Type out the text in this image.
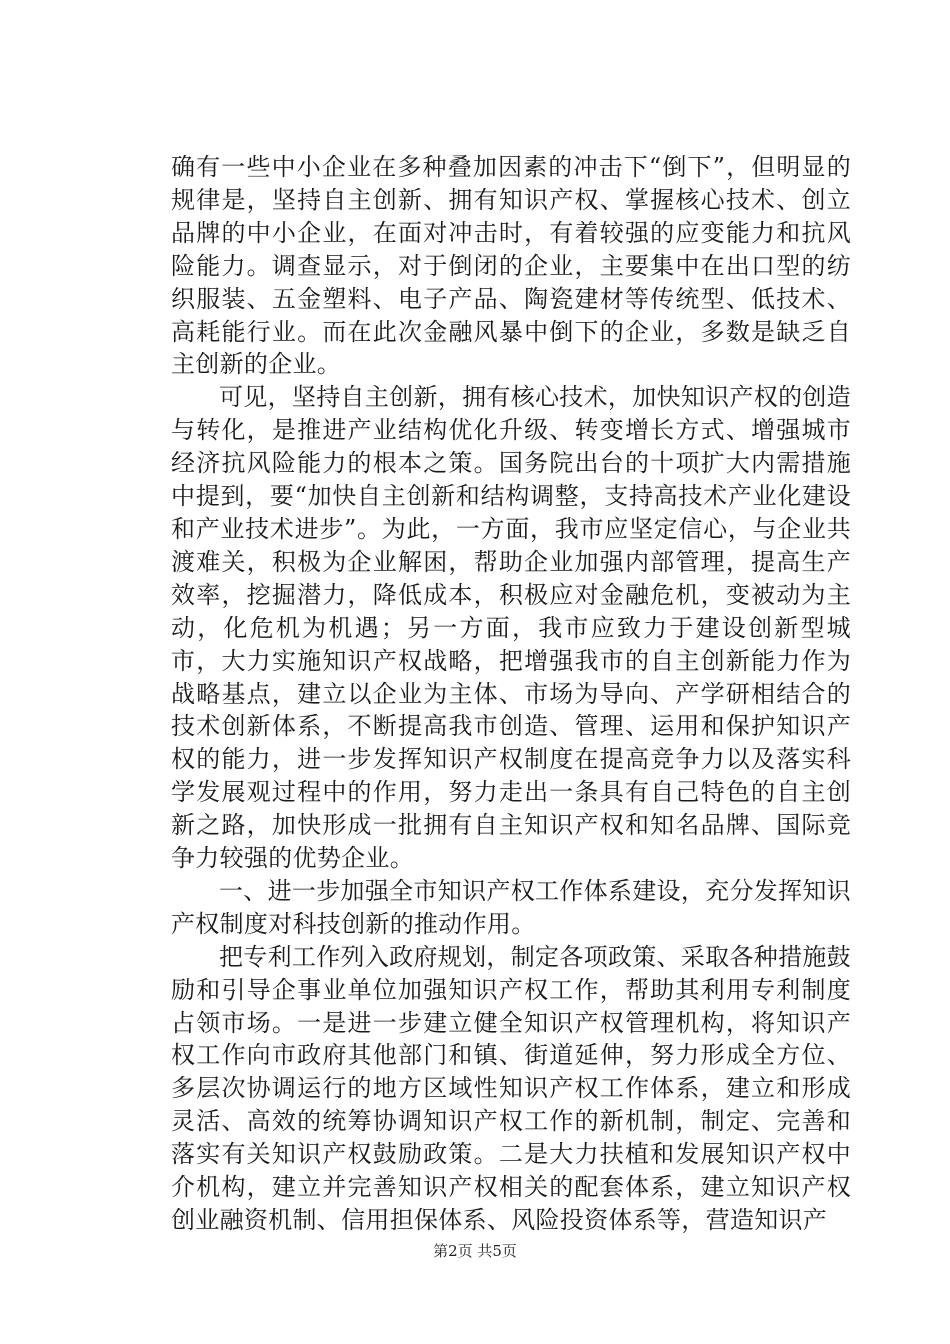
确有一些中小企业在多种叠加因素的冲击下“倒下”，但明显的规律是，坚持自主创新、拥有知识产权、掌握核心技术、创立品牌的中小企业，在面对冲击时，有着较强的应变能力和抗风险能力。调查显示，对于倒闭的企业，主要集中在出口型的纺织服装、五金塑料、电子产品、陶瓷建材等传统型、低技术、高耗能行业。而在此次金融风暴中倒下的企业，多数是缺乏自主创新的企业。

可见，坚持自主创新，拥有核心技术，加快知识产权的创造与转化，是推进产业结构优化升级、转变增长方式、增强城市经济抗风险能力的根本之策。国务院出台的十项扩大内需措施中提到，要“加快自主创新和结构调整，支持高技术产业化建设和产业技术进步”。为此，一方面，我市应坚定信心，与企业共渡难关，积极为企业解困，帮助企业加强内部管理，提高生产效率，挖掘潜力，降低成本，积极应对金融危机，变被动为主动，化危机为机遇；另一方面，我市应致力于建设创新型城市，大力实施知识产权战略，把增强我市的自主创新能力作为战略基点，建立以企业为主体、市场为导向、产学研相结合的技术创新体系，不断提高我市创造、管理、运用和保护知识产权的能力，进一步发挥知识产权制度在提高竞争力以及落实科学发展观过程中的作用，努力走出一条具有自己特色的自主创新之路，加快形成一批拥有自主知识产权和知名品牌、国际竞争力较强的优势企业。

一、进一步加强全市知识产权工作体系建设，充分发挥知识产权制度对科技创新的推动作用。

把专利工作列入政府规划，制定各项政策、采取各种措施鼓励和引导企事业单位加强知识产权工作，帮助其利用专利制度占领市场。一是进一步建立健全知识产权管理机构，将知识产权工作向市政府其他部门和镇、街道延伸，努力形成全方位、多层次协调运行的地方区域性知识产权工作体系，建立和形成灵活、高效的统筹协调知识产权工作的新机制，制定、完善和落实有关知识产权鼓励政策。二是大力扶植和发展知识产权中介机构，建立并完善知识产权相关的配套体系，建立知识产权创业融资机制、信用担保体系、风险投资体系等，营造知识产

第2页 共5页
